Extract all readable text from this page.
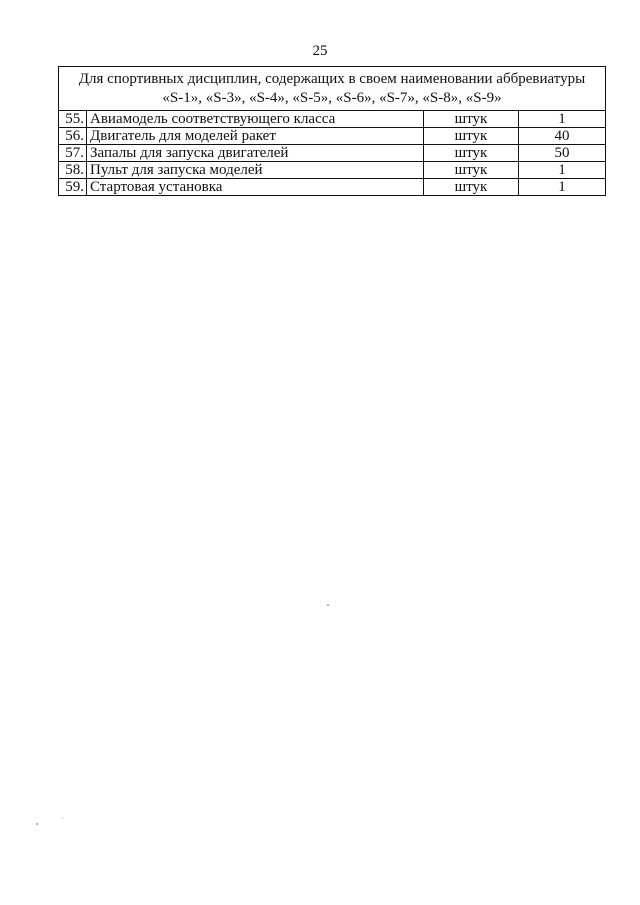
25
Для спортивных дисциплин, содержащих в своем наименовании аббревиатуры
«S-1», «S-3», «S-4», «S-5», «S-6», «S-7», «S-8», «S-9»			
55.	Авиамодель соответствующего класса	штук	1
56.	Двигатель для моделей ракет	штук	40
57.	Запалы для запуска двигателей	штук	50
58.	Пульт для запуска моделей	штук	1
59.	Стартовая установка	штук	1
